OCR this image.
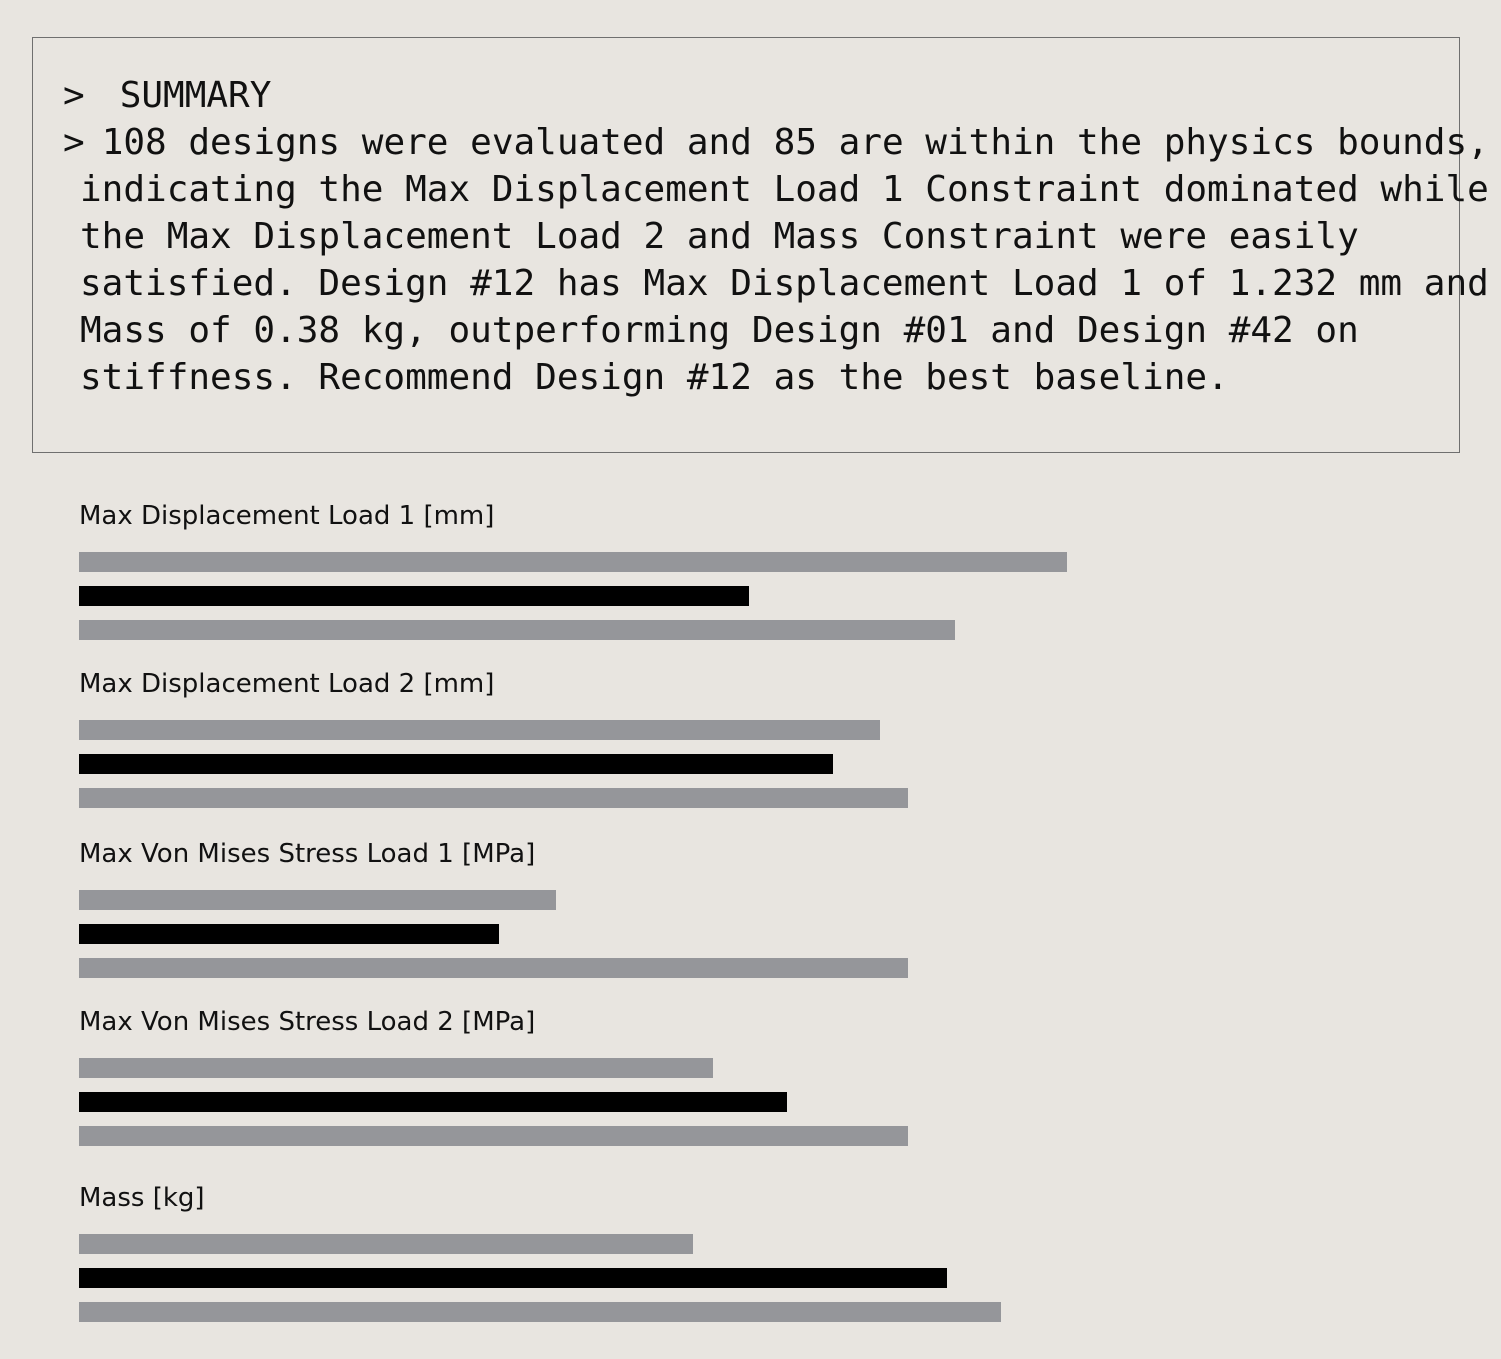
> SUMMARY
> 108 designs were evaluated and 85 are within the physics bounds,
indicating the Max Displacement Load 1 Constraint dominated while
the Max Displacement Load 2 and Mass Constraint were easily
satisfied. Design #12 has Max Displacement Load 1 of 1.232 mm and
Mass of 0.38 kg, outperforming Design #01 and Design #42 on
stiffness. Recommend Design #12 as the best baseline.
Max Displacement Load 1 [mm]
Max Displacement Load 2 [mm]
Max Von Mises Stress Load 1 [MPa]
Max Von Mises Stress Load 2 [MPa]
Mass [kg]
